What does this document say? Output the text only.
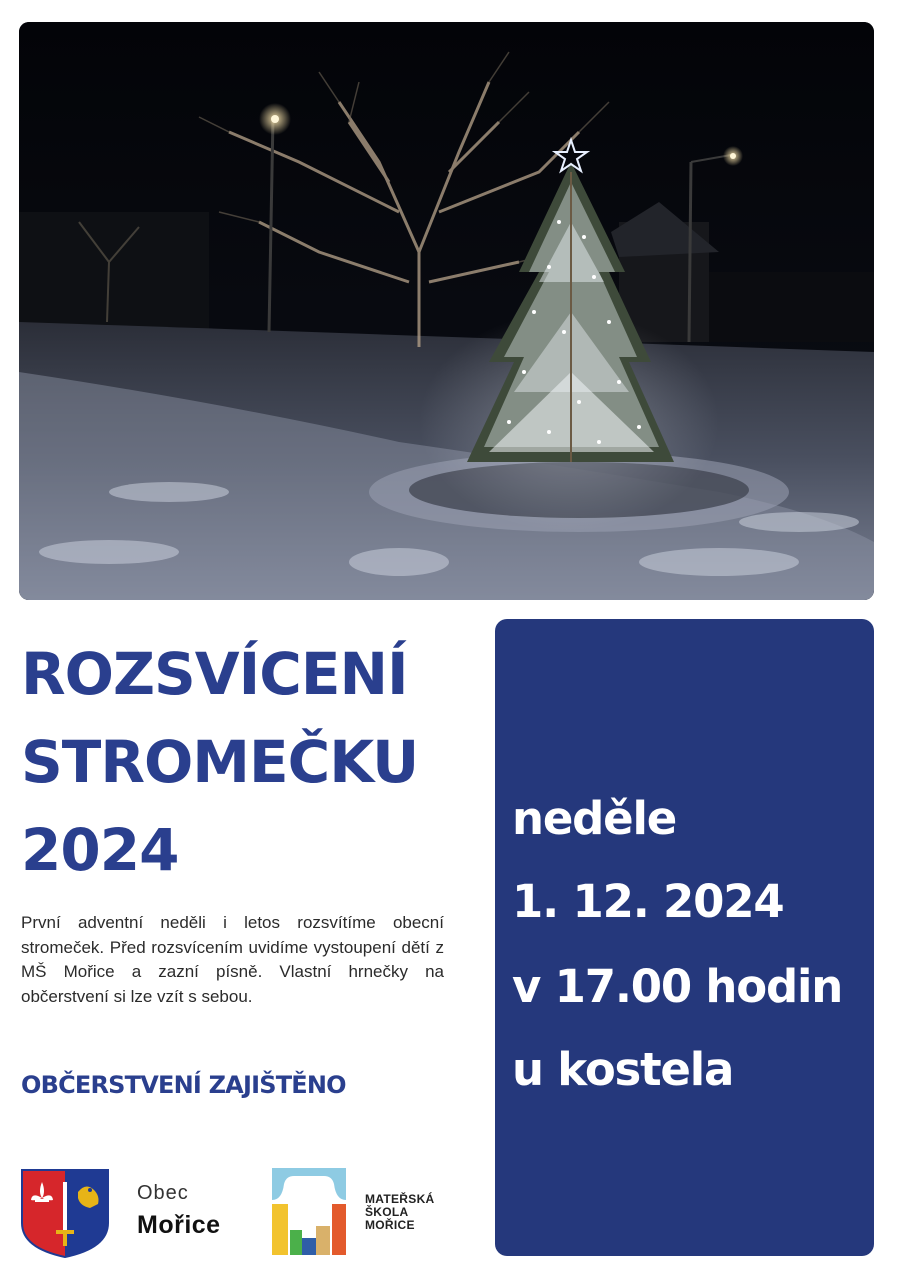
ROZSVÍCENÍ
STROMEČKU
2024

První adventní neděli i letos rozsvítíme obecní stromeček. Před rozsvícením uvidíme vystoupení dětí z MŠ Mořice a zazní písně. Vlastní hrnečky na občerstvení si lze vzít s sebou.

OBČERSTVENÍ ZAJIŠTĚNO

Obec
Mořice
MATEŘSKÁ
ŠKOLA
MOŘICE
neděle
1. 12. 2024
v 17.00 hodin
u kostela
